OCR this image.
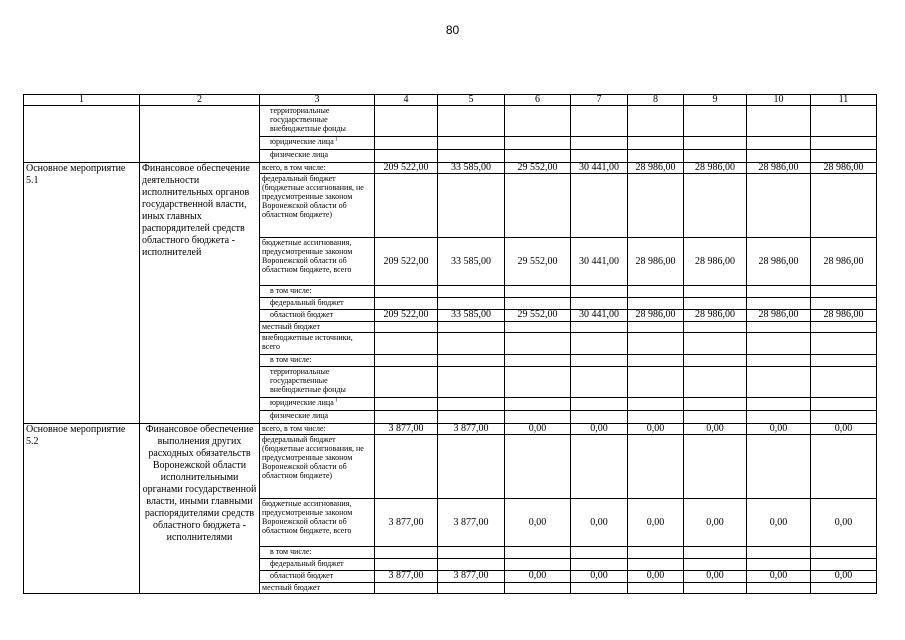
80
1	2	3	4	5	6	7	8	9	10	11
		территориальные государственные внебюджетные фонды								
		юридические лица $^1$								
		физические лица								
Основное мероприятие 5.1	Финансовое обеспечение деятельности исполнительных органов государственной власти, иных главных распорядителей средств областного бюджета - исполнителей	всего, в том числе:	209 522,00	33 585,00	29 552,00	30 441,00	28 986,00	28 986,00	28 986,00	28 986,00
		федеральный бюджет (бюджетные ассигнования, не предусмотренные законом Воронежской области об областном бюджете)								
		бюджетные ассигнования, предусмотренные законом Воронежской области об областном бюджете, всего	209 522,00	33 585,00	29 552,00	30 441,00	28 986,00	28 986,00	28 986,00	28 986,00
		в том числе:								
		федеральный бюджет								
		областной бюджет	209 522,00	33 585,00	29 552,00	30 441,00	28 986,00	28 986,00	28 986,00	28 986,00
		местный бюджет								
		внебюджетные источники, всего								
		в том числе:								
		территориальные государственные внебюджетные фонды								
		юридические лица $^1$								
		физические лица								
Основное мероприятие 5.2	Финансовое обеспечение выполнения других расходных обязательств Воронежской области исполнительными органами государственной власти, иными главными распорядителями средств областного бюджета - исполнителями	всего, в том числе:	3 877,00	3 877,00	0,00	0,00	0,00	0,00	0,00	0,00
		федеральный бюджет (бюджетные ассигнования, не предусмотренные законом Воронежской области об областном бюджете)								
		бюджетные ассигнования, предусмотренные законом Воронежской области об областном бюджете, всего	3 877,00	3 877,00	0,00	0,00	0,00	0,00	0,00	0,00
		в том числе:								
		федеральный бюджет								
		областной бюджет	3 877,00	3 877,00	0,00	0,00	0,00	0,00	0,00	0,00
		местный бюджет								
